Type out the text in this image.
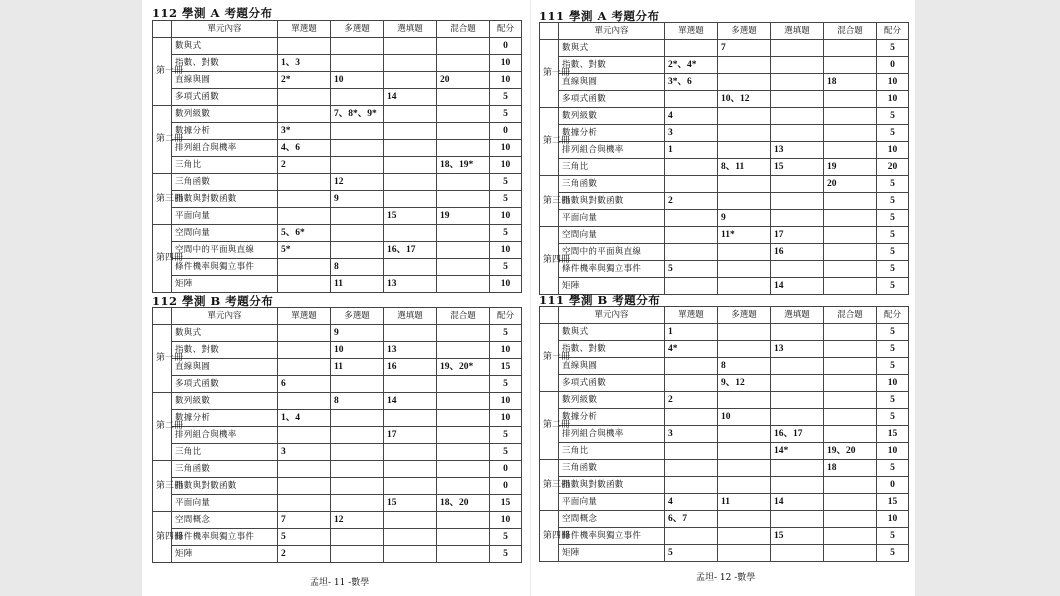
112 學測 A 考題分布
	單元內容	單選題	多選題	選填題	混合題	配分
第一冊	數與式					0
	指數、對數	1、3				10
	直線與圓	2*	10		20	10
	多項式函數			14		5
第二冊	數列級數		7、8*、9*			5
	數據分析	3*				0
	排列組合與機率	4、6				10
	三角比	2			18、19*	10
第三冊	三角函數		12			5
	指數與對數函數		9			5
	平面向量			15	19	10
第四冊	空間向量	5、6*				5
	空間中的平面與直線	5*		16、17		10
	條件機率與獨立事件		8			5
	矩陣		11	13		10
112 學測 B 考題分布
	單元內容	單選題	多選題	選填題	混合題	配分
第一冊	數與式		9			5
	指數、對數		10	13		10
	直線與圓		11	16	19、20*	15
	多項式函數	6				5
第二冊	數列級數		8	14		10
	數據分析	1、4				10
	排列組合與機率			17		5
	三角比	3				5
第三冊	三角函數					0
	指數與對數函數					0
	平面向量			15	18、20	15
第四冊	空間概念	7	12			10
	條件機率與獨立事件	5				5
	矩陣	2				5
孟坦- 11 -數學
111 學測 A 考題分布
	單元內容	單選題	多選題	選填題	混合題	配分
第一冊	數與式		7			5
	指數、對數	2*、4*				0
	直線與圓	3*、6			18	10
	多項式函數		10、12			10
第二冊	數列級數	4				5
	數據分析	3				5
	排列組合與機率	1		13		10
	三角比		8、11	15	19	20
第三冊	三角函數				20	5
	指數與對數函數	2				5
	平面向量		9			5
第四冊	空間向量		11*	17		5
	空間中的平面與直線			16		5
	條件機率與獨立事件	5				5
	矩陣			14		5
111 學測 B 考題分布
	單元內容	單選題	多選題	選填題	混合題	配分
第一冊	數與式	1				5
	指數、對數	4*		13		5
	直線與圓		8			5
	多項式函數		9、12			10
第二冊	數列級數	2				5
	數據分析		10			5
	排列組合與機率	3		16、17		15
	三角比			14*	19、20	10
第三冊	三角函數				18	5
	指數與對數函數					0
	平面向量	4	11	14		15
第四冊	空間概念	6、7				10
	條件機率與獨立事件			15		5
	矩陣	5				5
孟坦- 12 -數學
